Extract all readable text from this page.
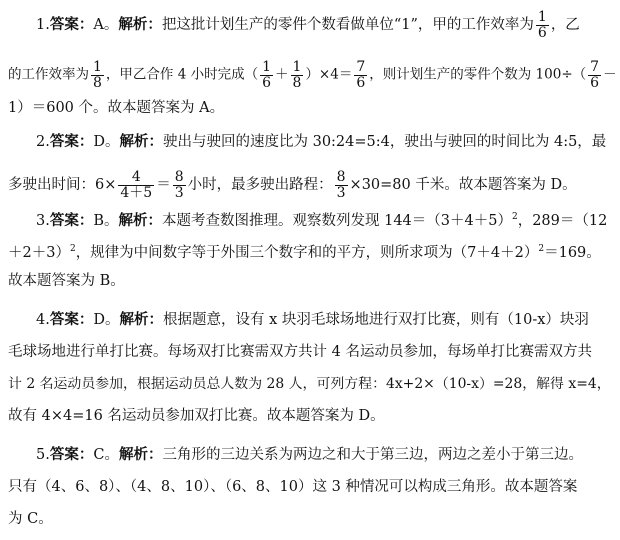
1.答案：A。解析：把这批计划生产的零件个数看做单位“1”，甲的工作效率为 $\frac{1}{6}$ ，乙
的工作效率为 $\frac{1}{8}$ ，甲乙合作 4 小时完成（ $\frac{1}{6} + \frac{1}{8} )\times 4= \frac{7}{6}$ ，则计划生产的零件个数为 $100\div( \frac{7}{6}$ －
1）＝600 个。故本题答案为 A。
2.答案：D。解析：驶出与驶回的速度比为 30:24=5:4，驶出与驶回的时间比为 4:5，最
多驶出时间：$6\times \frac{4}{4+5} = \frac{8}{3}$ 小时，最多驶出路程： $\frac{8}{3} \times 30=80$ 千米。故本题答案为 D。
3.答案：B。解析：本题考查数图推理。观察数列发现 $144=(3+4+5)^2$，289＝（12
＋2＋3）$^2$，规律为中间数字等于外围三个数字和的平方，则所求项为$(7+4+2)^2=169$。
故本题答案为 B。
4.答案：D。解析：根据题意，设有 x 块羽毛球场地进行双打比赛，则有（10-x）块羽
毛球场地进行单打比赛。每场双打比赛需双方共计 4 名运动员参加，每场单打比赛需双方共
计 2 名运动员参加，根据运动员总人数为 28 人，可列方程：4x+2×（10-x）=28，解得 x=4，
故有 4×4=16 名运动员参加双打比赛。故本题答案为 D。
5.答案：C。解析：三角形的三边关系为两边之和大于第三边，两边之差小于第三边。
只有（4、6、8）、（4、8、10）、（6、8、10）这 3 种情况可以构成三角形。故本题答案
为 C。
